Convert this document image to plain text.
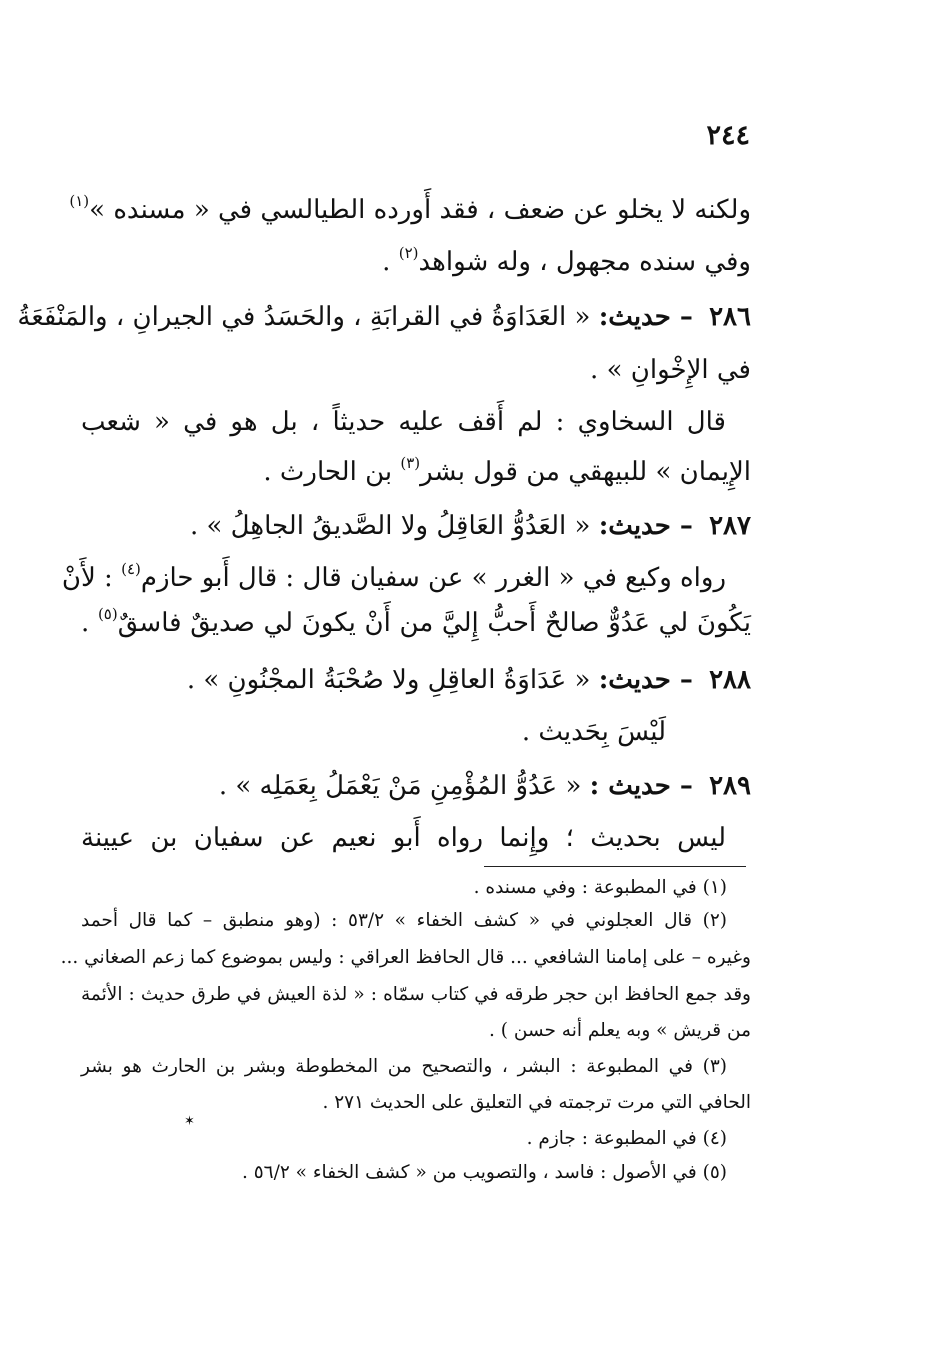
٢٤٤
ولكنه لا يخلو عن ضعف ، فقد أَورده الطيالسي في « مسنده »$^{(١)}$
وفي سنده مجهول ، وله شواهد$^{(٢)}$ .
٢٨٦ – حديث: « العَدَاوَةُ في القرابَةِ ، والحَسَدُ في الجيرانِ ، والمَنْفَعَةُ
في الإِخْوانِ » .
قال السخاوي : لم أَقف عليه حديثاً ، بل هو في « شعب
الإِيمان » للبيهقي من قول بشر$^{(٣)}$ بن الحارث .
٢٨٧ – حديث: « العَدُوُّ العَاقِلُ ولا الصَّديقُ الجاهِلُ » .
رواه وكيع في « الغرر » عن سفيان قال : قال أَبو حازم$^{(٤)}$ : لأَنْ
يَكُونَ لي عَدُوٌّ صالحٌ أَحبُّ إِليَّ من أَنْ يكونَ لي صديقٌ فاسقٌ$^{(٥)}$ .
٢٨٨ – حديث: « عَدَاوَةُ العاقِلِ ولا صُحْبَةُ المجْنُونِ » .
لَيْسَ بِحَديث .
٢٨٩ – حديث : « عَدُوُّ المُؤْمِنِ مَنْ يَعْمَلُ بِعَمَلِه » .
ليس بحديث ؛ وإِنما رواه أَبو نعيم عن سفيان بن عيينة
(١) في المطبوعة : وفي مسنده .
(٢) قال العجلوني في « كشف الخفاء » ٥٣/٢ : (وهو منطبق – كما قال أحمد
وغيره – على إمامنا الشافعي ... قال الحافظ العراقي : وليس بموضوع كما زعم الصغاني ...
وقد جمع الحافظ ابن حجر طرقه في كتاب سمّاه : « لذة العيش في طرق حديث : الأئمة
من قريش » وبه يعلم أنه حسن ) .
(٣) في المطبوعة : البشر ، والتصحيح من المخطوطة وبشر بن الحارث هو بشر
الحافي التي مرت ترجمته في التعليق على الحديث ٢٧١ .
(٤) في المطبوعة : جازم .
(٥) في الأصول : فاسد ، والتصويب من « كشف الخفاء » ٥٦/٢ .
✶
